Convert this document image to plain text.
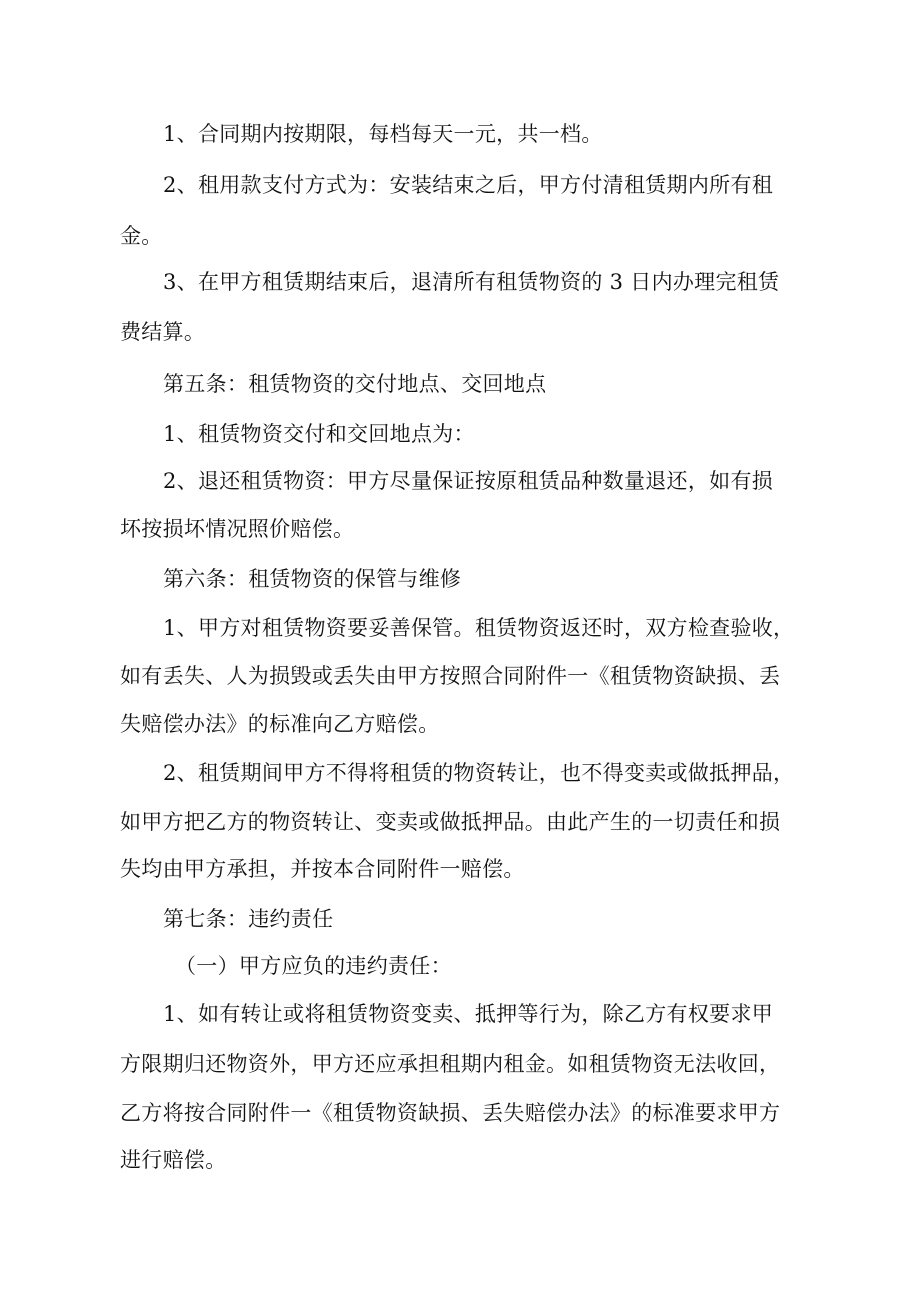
1、合同期内按期限，每档每天一元，共一档。
2、租用款支付方式为：安装结束之后，甲方付清租赁期内所有租
金。
3、在甲方租赁期结束后，退清所有租赁物资的 3 日内办理完租赁
费结算。
第五条：租赁物资的交付地点、交回地点
1、租赁物资交付和交回地点为：
2、退还租赁物资：甲方尽量保证按原租赁品种数量退还，如有损
坏按损坏情况照价赔偿。
第六条：租赁物资的保管与维修
1、甲方对租赁物资要妥善保管。租赁物资返还时，双方检查验收，
如有丢失、人为损毁或丢失由甲方按照合同附件一《租赁物资缺损、丢
失赔偿办法》的标准向乙方赔偿。
2、租赁期间甲方不得将租赁的物资转让，也不得变卖或做抵押品，
如甲方把乙方的物资转让、变卖或做抵押品。由此产生的一切责任和损
失均由甲方承担，并按本合同附件一赔偿。
第七条：违约责任
（一）甲方应负的违约责任：
1、如有转让或将租赁物资变卖、抵押等行为，除乙方有权要求甲
方限期归还物资外，甲方还应承担租期内租金。如租赁物资无法收回，
乙方将按合同附件一《租赁物资缺损、丢失赔偿办法》的标准要求甲方
进行赔偿。
